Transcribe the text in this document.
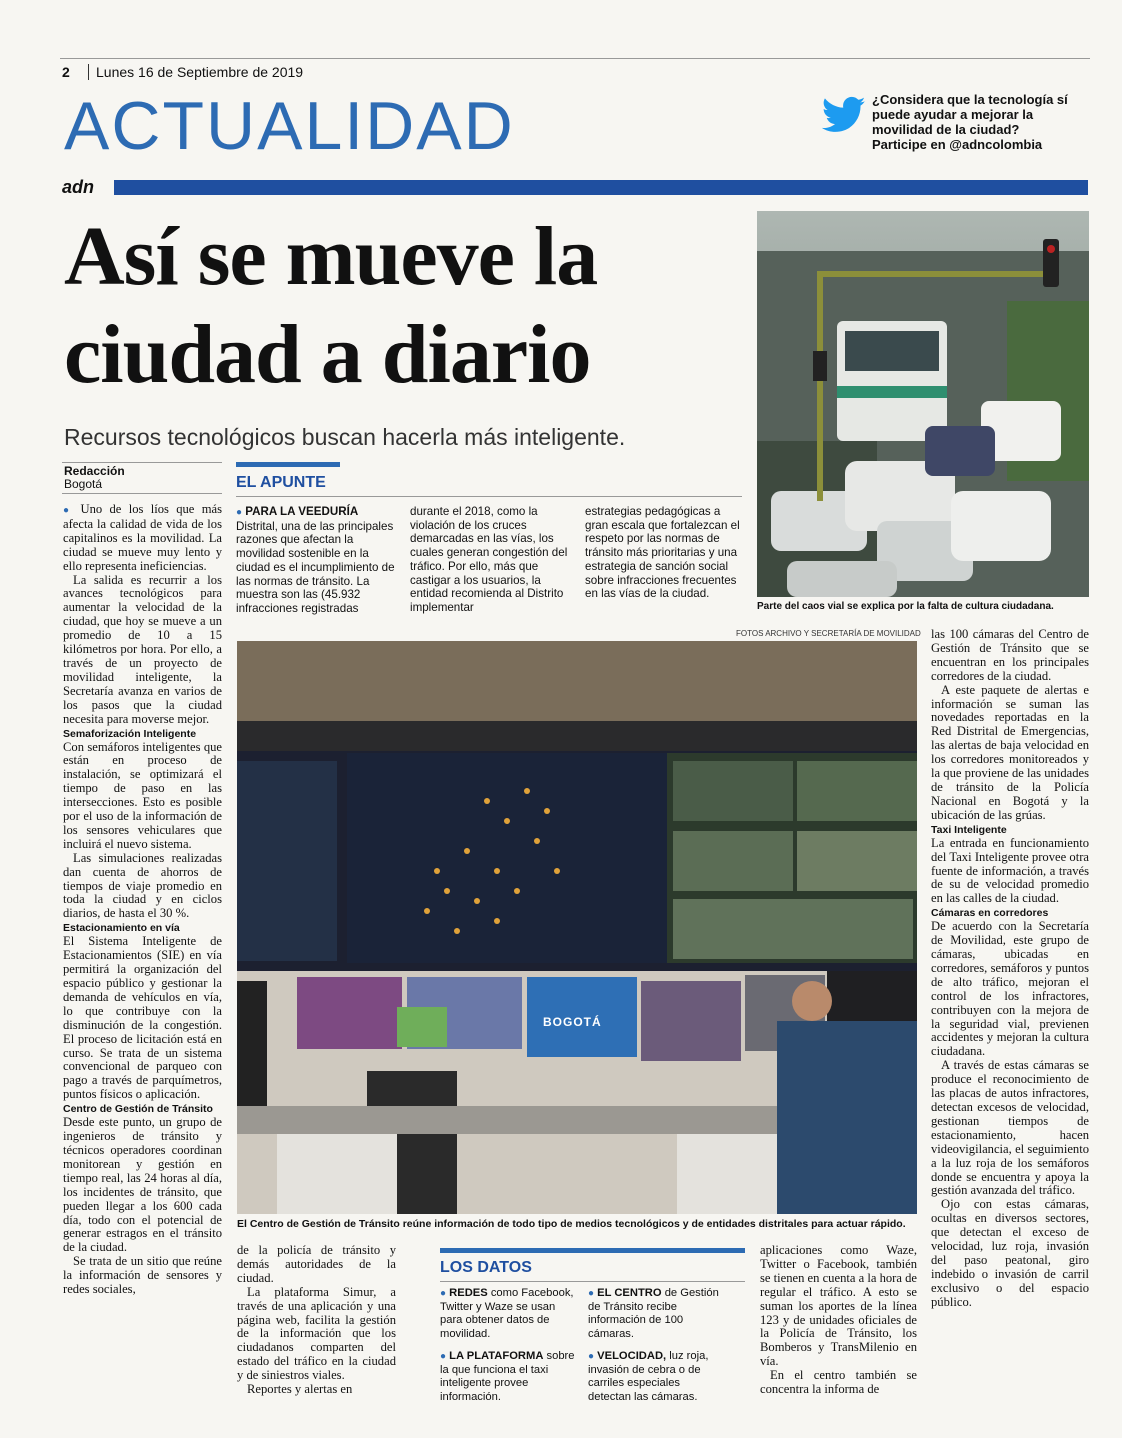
2	Lunes 16 de Septiembre de 2019
ACTUALIDAD	¿Considera que la tecnología sí
puede ayudar a mejorar la
movilidad de la ciudad?
Participe en @adncolombia
adn
Así se mueve la
ciudad a diario
Recursos tecnológicos buscan hacerla más inteligente.
Parte del caos vial se explica por la falta de cultura ciudadana.
Redacción
Bogotá

● Uno de los líos que más afecta la calidad de vida de los capitalinos es la movilidad. La ciudad se mueve muy lento y ello representa ineficiencias.

La salida es recurrir a los avances tecnológicos para aumentar la velocidad de la ciudad, que hoy se mueve a un promedio de 10 a 15 kilómetros por hora. Por ello, a través de un proyecto de movilidad inteligente, la Secretaría avanza en varios de los pasos que la ciudad necesita para moverse mejor.

Semaforización Inteligente

Con semáforos inteligentes que están en proceso de instalación, se optimizará el tiempo de paso en las intersecciones. Esto es posible por el uso de la información de los sensores vehiculares que incluirá el nuevo sistema.

Las simulaciones realizadas dan cuenta de ahorros de tiempos de viaje promedio en toda la ciudad y en ciclos diarios, de hasta el 30 %.

Estacionamiento en vía

El Sistema Inteligente de Estacionamientos (SIE) en vía permitirá la organización del espacio público y gestionar la demanda de vehículos en vía, lo que contribuye con la disminución de la congestión. El proceso de licitación está en curso. Se trata de un sistema convencional de parqueo con pago a través de parquímetros, puntos físicos o aplicación.

Centro de Gestión de Tránsito

Desde este punto, un grupo de ingenieros de tránsito y técnicos operadores coordinan monitorean y gestión en tiempo real, las 24 horas al día, los incidentes de tránsito, que pueden llegar a los 600 cada día, todo con el potencial de generar estragos en el tránsito de la ciudad.

Se trata de un sitio que reúne la información de sensores y redes sociales,

EL APUNTE
● PARA LA VEEDURÍA Distrital, una de las principales razones que afectan la movilidad sostenible en la ciudad es el incumplimiento de las normas de tránsito. La muestra son las (45.932 infracciones registradas
durante el 2018, como la violación de los cruces demarcadas en las vías, los cuales generan congestión del tráfico. Por ello, más que castigar a los usuarios, la entidad recomienda al Distrito implementar
estrategias pedagógicas a gran escala que fortalezcan el respeto por las normas de tránsito más prioritarias y una estrategia de sanción social sobre infracciones frecuentes en las vías de la ciudad.
FOTOS ARCHIVO Y SECRETARÍA DE MOVILIDAD
BOGOTÁ
El Centro de Gestión de Tránsito reúne información de todo tipo de medios tecnológicos y de entidades distritales para actuar rápido.

las 100 cámaras del Centro de Gestión de Tránsito que se encuentran en los principales corredores de la ciudad.

A este paquete de alertas e información se suman las novedades reportadas en la Red Distrital de Emergencias, las alertas de baja velocidad en los corredores monitoreados y la que proviene de las unidades de tránsito de la Policía Nacional en Bogotá y la ubicación de las grúas.

Taxi Inteligente

La entrada en funcionamiento del Taxi Inteligente provee otra fuente de información, a través de su de velocidad promedio en las calles de la ciudad.

Cámaras en corredores

De acuerdo con la Secretaría de Movilidad, este grupo de cámaras, ubicadas en corredores, semáforos y puntos de alto tráfico, mejoran el control de los infractores, contribuyen con la mejora de la seguridad vial, previenen accidentes y mejoran la cultura ciudadana.

A través de estas cámaras se produce el reconocimiento de las placas de autos infractores, detectan excesos de velocidad, gestionan tiempos de estacionamiento, hacen videovigilancia, el seguimiento a la luz roja de los semáforos donde se encuentra y apoya la gestión avanzada del tráfico.

Ojo con estas cámaras, ocultas en diversos sectores, que detectan el exceso de velocidad, luz roja, invasión del paso peatonal, giro indebido o invasión de carril exclusivo o del espacio público.

de la policía de tránsito y demás autoridades de la ciudad.

La plataforma Simur, a través de una aplicación y una página web, facilita la gestión de la información que los ciudadanos comparten del estado del tráfico en la ciudad y de siniestros viales.

Reportes y alertas en

LOS DATOS
● REDES como Facebook, Twitter y Waze se usan para obtener datos de movilidad.
● LA PLATAFORMA sobre la que funciona el taxi inteligente provee información.
● EL CENTRO de Gestión de Tránsito recibe información de 100 cámaras.
● VELOCIDAD, luz roja, invasión de cebra o de carriles especiales detectan las cámaras.

aplicaciones como Waze, Twitter o Facebook, también se tienen en cuenta a la hora de regular el tráfico. A esto se suman los aportes de la línea 123 y de unidades oficiales de la Policía de Tránsito, los Bomberos y TransMilenio en vía.

En el centro también se concentra la informa de
